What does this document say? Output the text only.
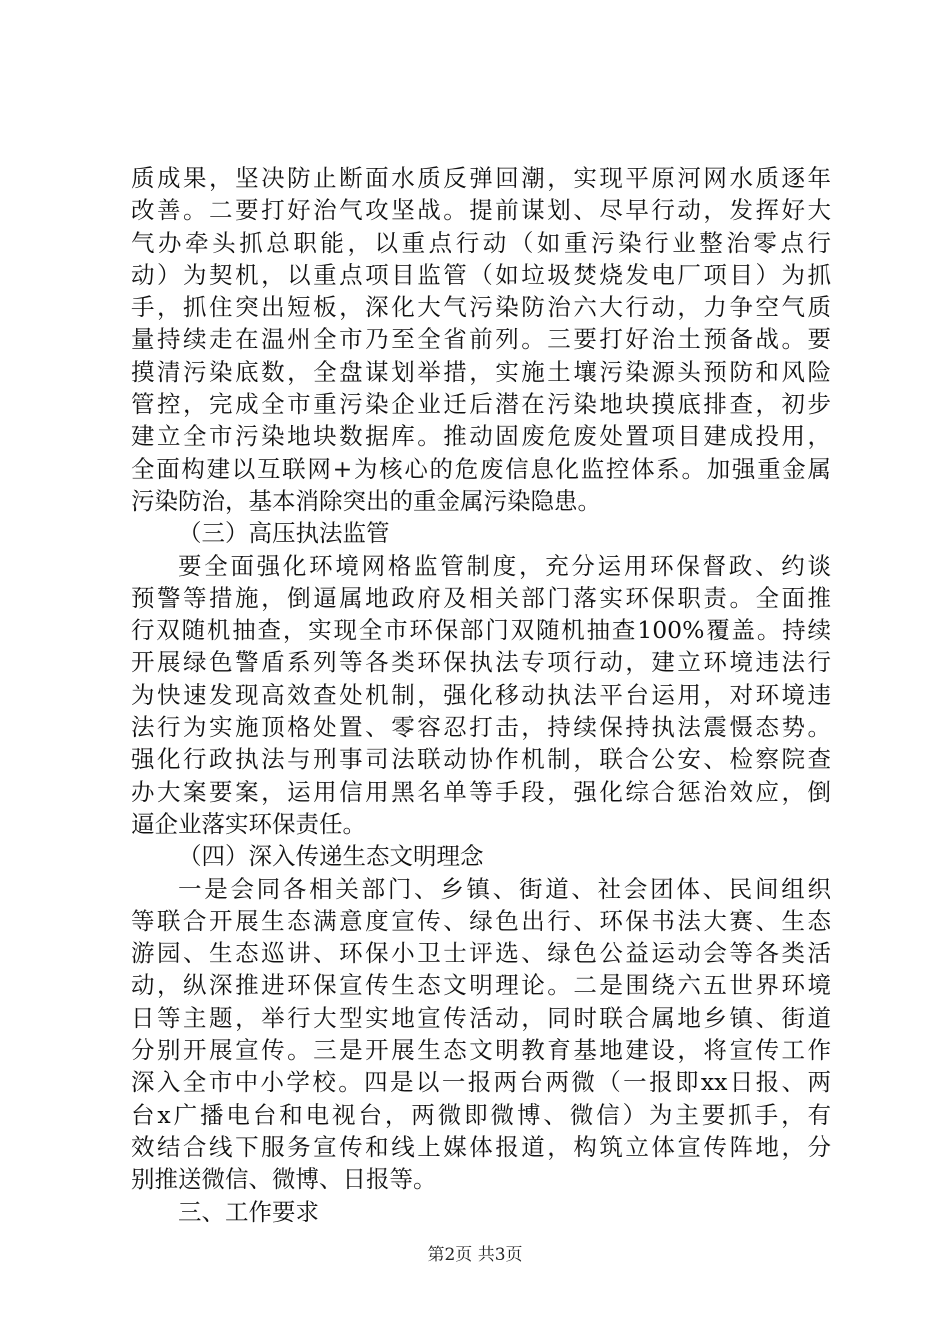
质成果，坚决防止断面水质反弹回潮，实现平原河网水质逐年
改善。二要打好治气攻坚战。提前谋划、尽早行动，发挥好大
气办牵头抓总职能，以重点行动（如重污染行业整治零点行
动）为契机，以重点项目监管（如垃圾焚烧发电厂项目）为抓
手，抓住突出短板，深化大气污染防治六大行动，力争空气质
量持续走在温州全市乃至全省前列。三要打好治土预备战。要
摸清污染底数，全盘谋划举措，实施土壤污染源头预防和风险
管控，完成全市重污染企业迁后潜在污染地块摸底排查，初步
建立全市污染地块数据库。推动固废危废处置项目建成投用，
全面构建以互联网+为核心的危废信息化监控体系。加强重金属
污染防治，基本消除突出的重金属污染隐患。
（三）高压执法监管
要全面强化环境网格监管制度，充分运用环保督政、约谈
预警等措施，倒逼属地政府及相关部门落实环保职责。全面推
行双随机抽查，实现全市环保部门双随机抽查100%覆盖。持续
开展绿色警盾系列等各类环保执法专项行动，建立环境违法行
为快速发现高效查处机制，强化移动执法平台运用，对环境违
法行为实施顶格处置、零容忍打击，持续保持执法震慑态势。
强化行政执法与刑事司法联动协作机制，联合公安、检察院查
办大案要案，运用信用黑名单等手段，强化综合惩治效应，倒
逼企业落实环保责任。
（四）深入传递生态文明理念
一是会同各相关部门、乡镇、街道、社会团体、民间组织
等联合开展生态满意度宣传、绿色出行、环保书法大赛、生态
游园、生态巡讲、环保小卫士评选、绿色公益运动会等各类活
动，纵深推进环保宣传生态文明理论。二是围绕六五世界环境
日等主题，举行大型实地宣传活动，同时联合属地乡镇、街道
分别开展宣传。三是开展生态文明教育基地建设，将宣传工作
深入全市中小学校。四是以一报两台两微（一报即xx日报、两
台x广播电台和电视台，两微即微博、微信）为主要抓手，有
效结合线下服务宣传和线上媒体报道，构筑立体宣传阵地，分
别推送微信、微博、日报等。
三、工作要求
第2页 共3页
